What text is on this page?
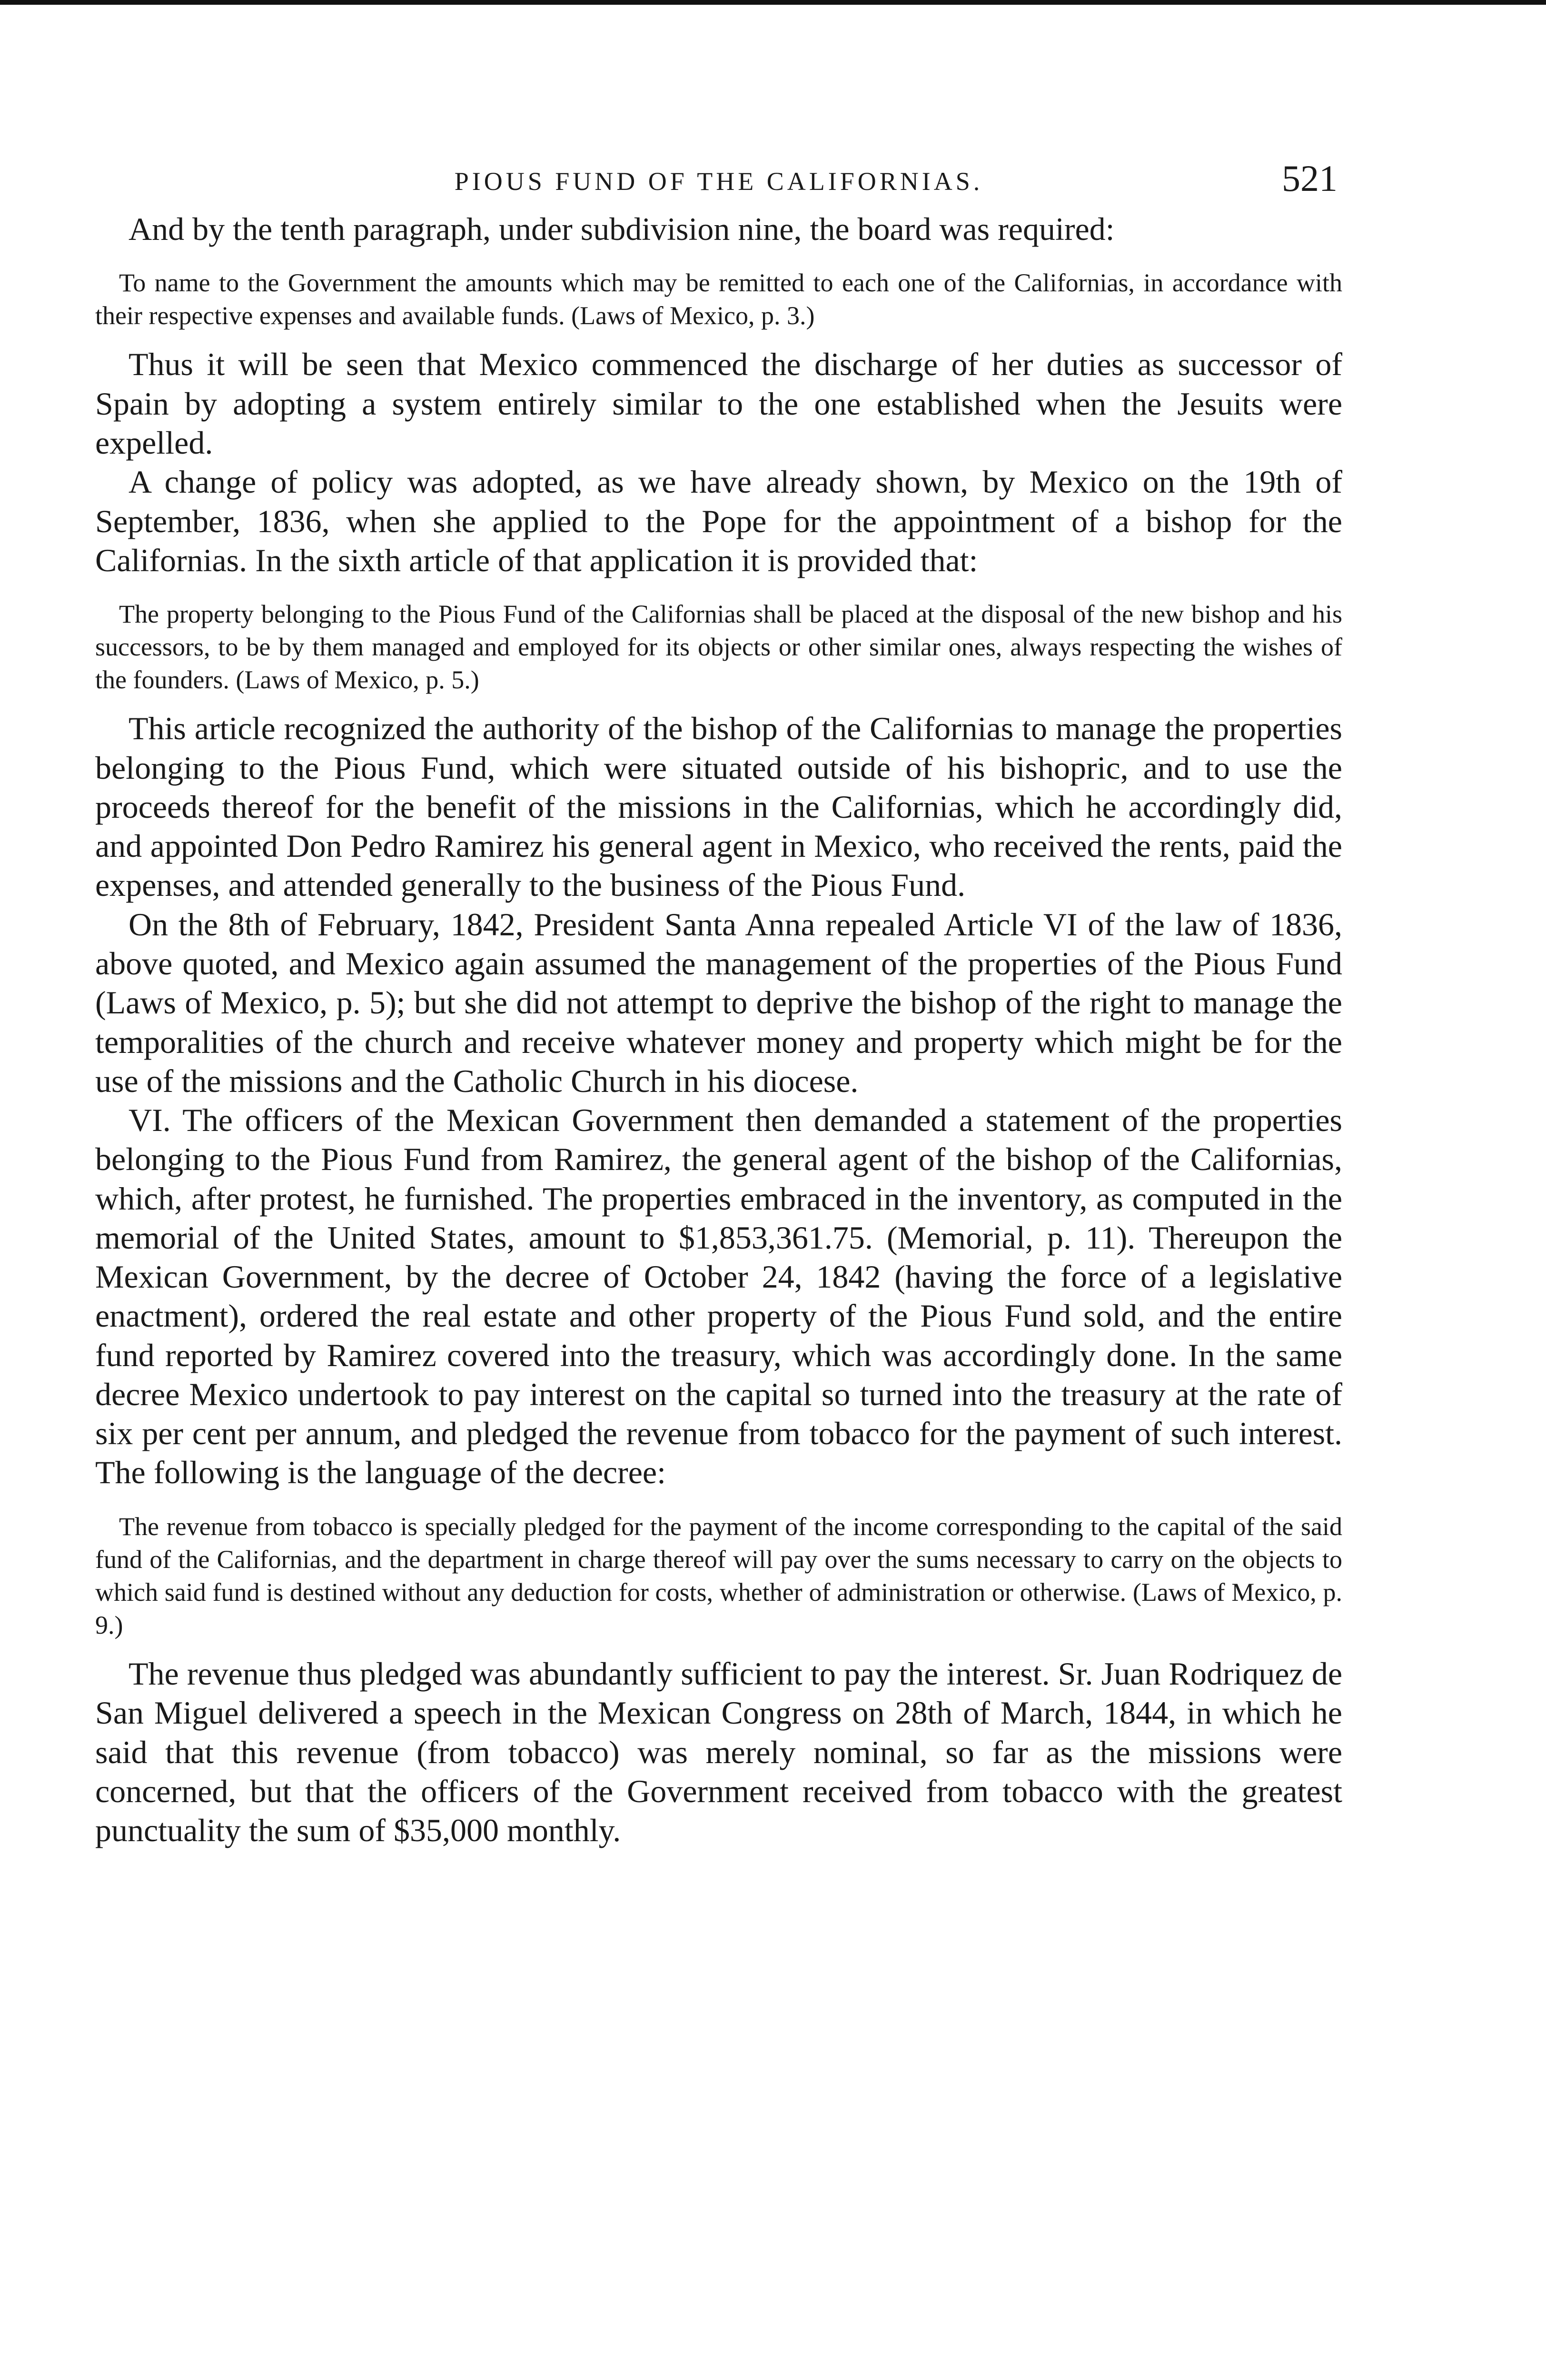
PIOUS FUND OF THE CALIFORNIAS.	521

And by the tenth paragraph, under subdivision nine, the board was required:

To name to the Government the amounts which may be remitted to each one of the Californias, in accordance with their respective expenses and available funds. (Laws of Mexico, p. 3.)

Thus it will be seen that Mexico commenced the discharge of her duties as successor of Spain by adopting a system entirely similar to the one established when the Jesuits were expelled.

A change of policy was adopted, as we have already shown, by Mexico on the 19th of September, 1836, when she applied to the Pope for the appointment of a bishop for the Californias. In the sixth article of that application it is provided that:

The property belonging to the Pious Fund of the Californias shall be placed at the disposal of the new bishop and his successors, to be by them managed and employed for its objects or other similar ones, always respecting the wishes of the founders. (Laws of Mexico, p. 5.)

This article recognized the authority of the bishop of the Californias to manage the properties belonging to the Pious Fund, which were situated outside of his bishopric, and to use the proceeds thereof for the benefit of the missions in the Californias, which he accordingly did, and appointed Don Pedro Ramirez his general agent in Mexico, who received the rents, paid the expenses, and attended generally to the business of the Pious Fund.

On the 8th of February, 1842, President Santa Anna repealed Article VI of the law of 1836, above quoted, and Mexico again assumed the management of the properties of the Pious Fund (Laws of Mexico, p. 5); but she did not attempt to deprive the bishop of the right to manage the temporalities of the church and receive whatever money and property which might be for the use of the missions and the Catholic Church in his diocese.

VI. The officers of the Mexican Government then demanded a statement of the properties belonging to the Pious Fund from Ramirez, the general agent of the bishop of the Californias, which, after protest, he furnished. The properties embraced in the inventory, as computed in the memorial of the United States, amount to $1,853,361.75. (Memorial, p. 11). Thereupon the Mexican Government, by the decree of October 24, 1842 (having the force of a legislative enactment), ordered the real estate and other property of the Pious Fund sold, and the entire fund reported by Ramirez covered into the treasury, which was accordingly done. In the same decree Mexico undertook to pay interest on the capital so turned into the treasury at the rate of six per cent per annum, and pledged the revenue from tobacco for the payment of such interest. The following is the language of the decree:

The revenue from tobacco is specially pledged for the payment of the income corresponding to the capital of the said fund of the Californias, and the department in charge thereof will pay over the sums necessary to carry on the objects to which said fund is destined without any deduction for costs, whether of administration or otherwise. (Laws of Mexico, p. 9.)

The revenue thus pledged was abundantly sufficient to pay the interest. Sr. Juan Rodriquez de San Miguel delivered a speech in the Mexican Congress on 28th of March, 1844, in which he said that this revenue (from tobacco) was merely nominal, so far as the missions were concerned, but that the officers of the Government received from tobacco with the greatest punctuality the sum of $35,000 monthly.
